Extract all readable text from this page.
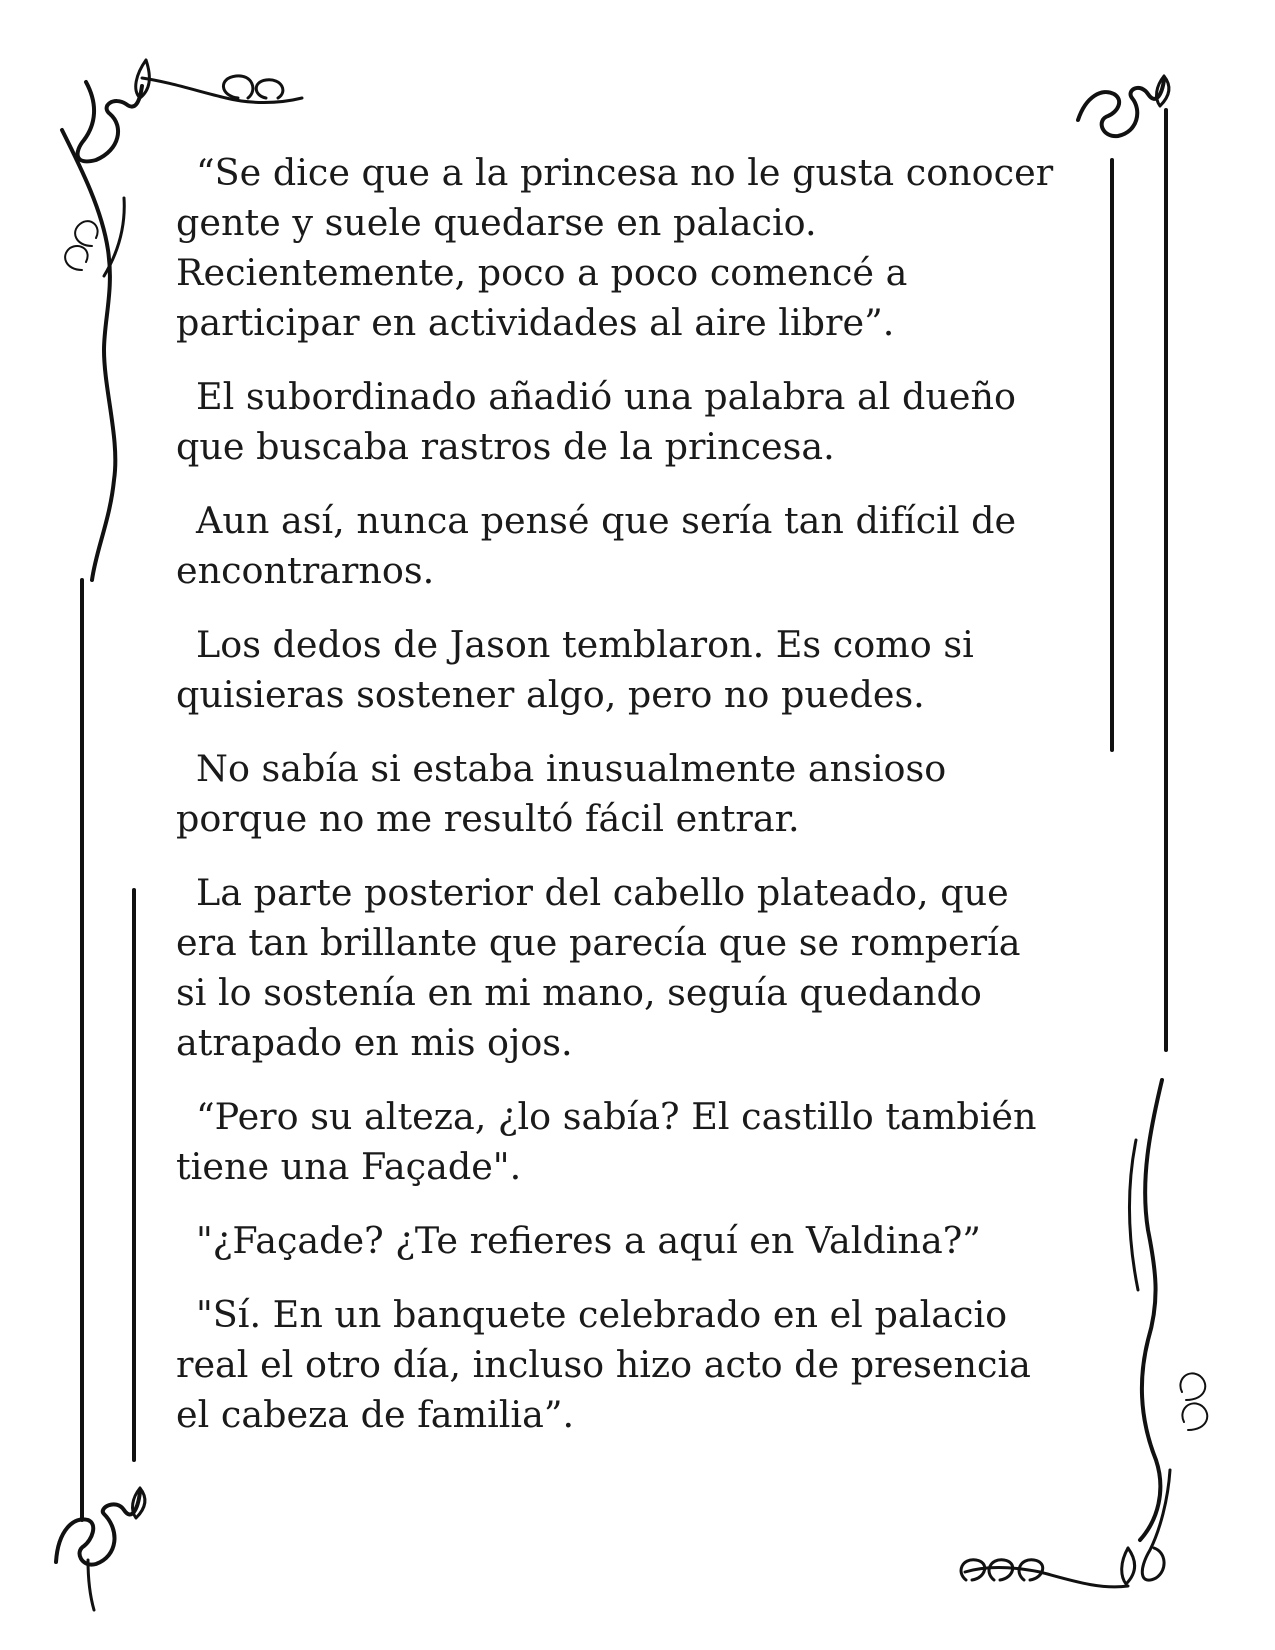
“Se dice que a la princesa no le gusta conocer
gente y suele quedarse en palacio.
Recientemente, poco a poco comencé a
participar en actividades al aire libre”.

El subordinado añadió una palabra al dueño
que buscaba rastros de la princesa.

Aun así, nunca pensé que sería tan difícil de
encontrarnos.

Los dedos de Jason temblaron. Es como si
quisieras sostener algo, pero no puedes.

No sabía si estaba inusualmente ansioso
porque no me resultó fácil entrar.

La parte posterior del cabello plateado, que
era tan brillante que parecía que se rompería
si lo sostenía en mi mano, seguía quedando
atrapado en mis ojos.

“Pero su alteza, ¿lo sabía? El castillo también
tiene una Façade".

"¿Façade? ¿Te refieres a aquí en Valdina?”

"Sí. En un banquete celebrado en el palacio
real el otro día, incluso hizo acto de presencia
el cabeza de familia”.
